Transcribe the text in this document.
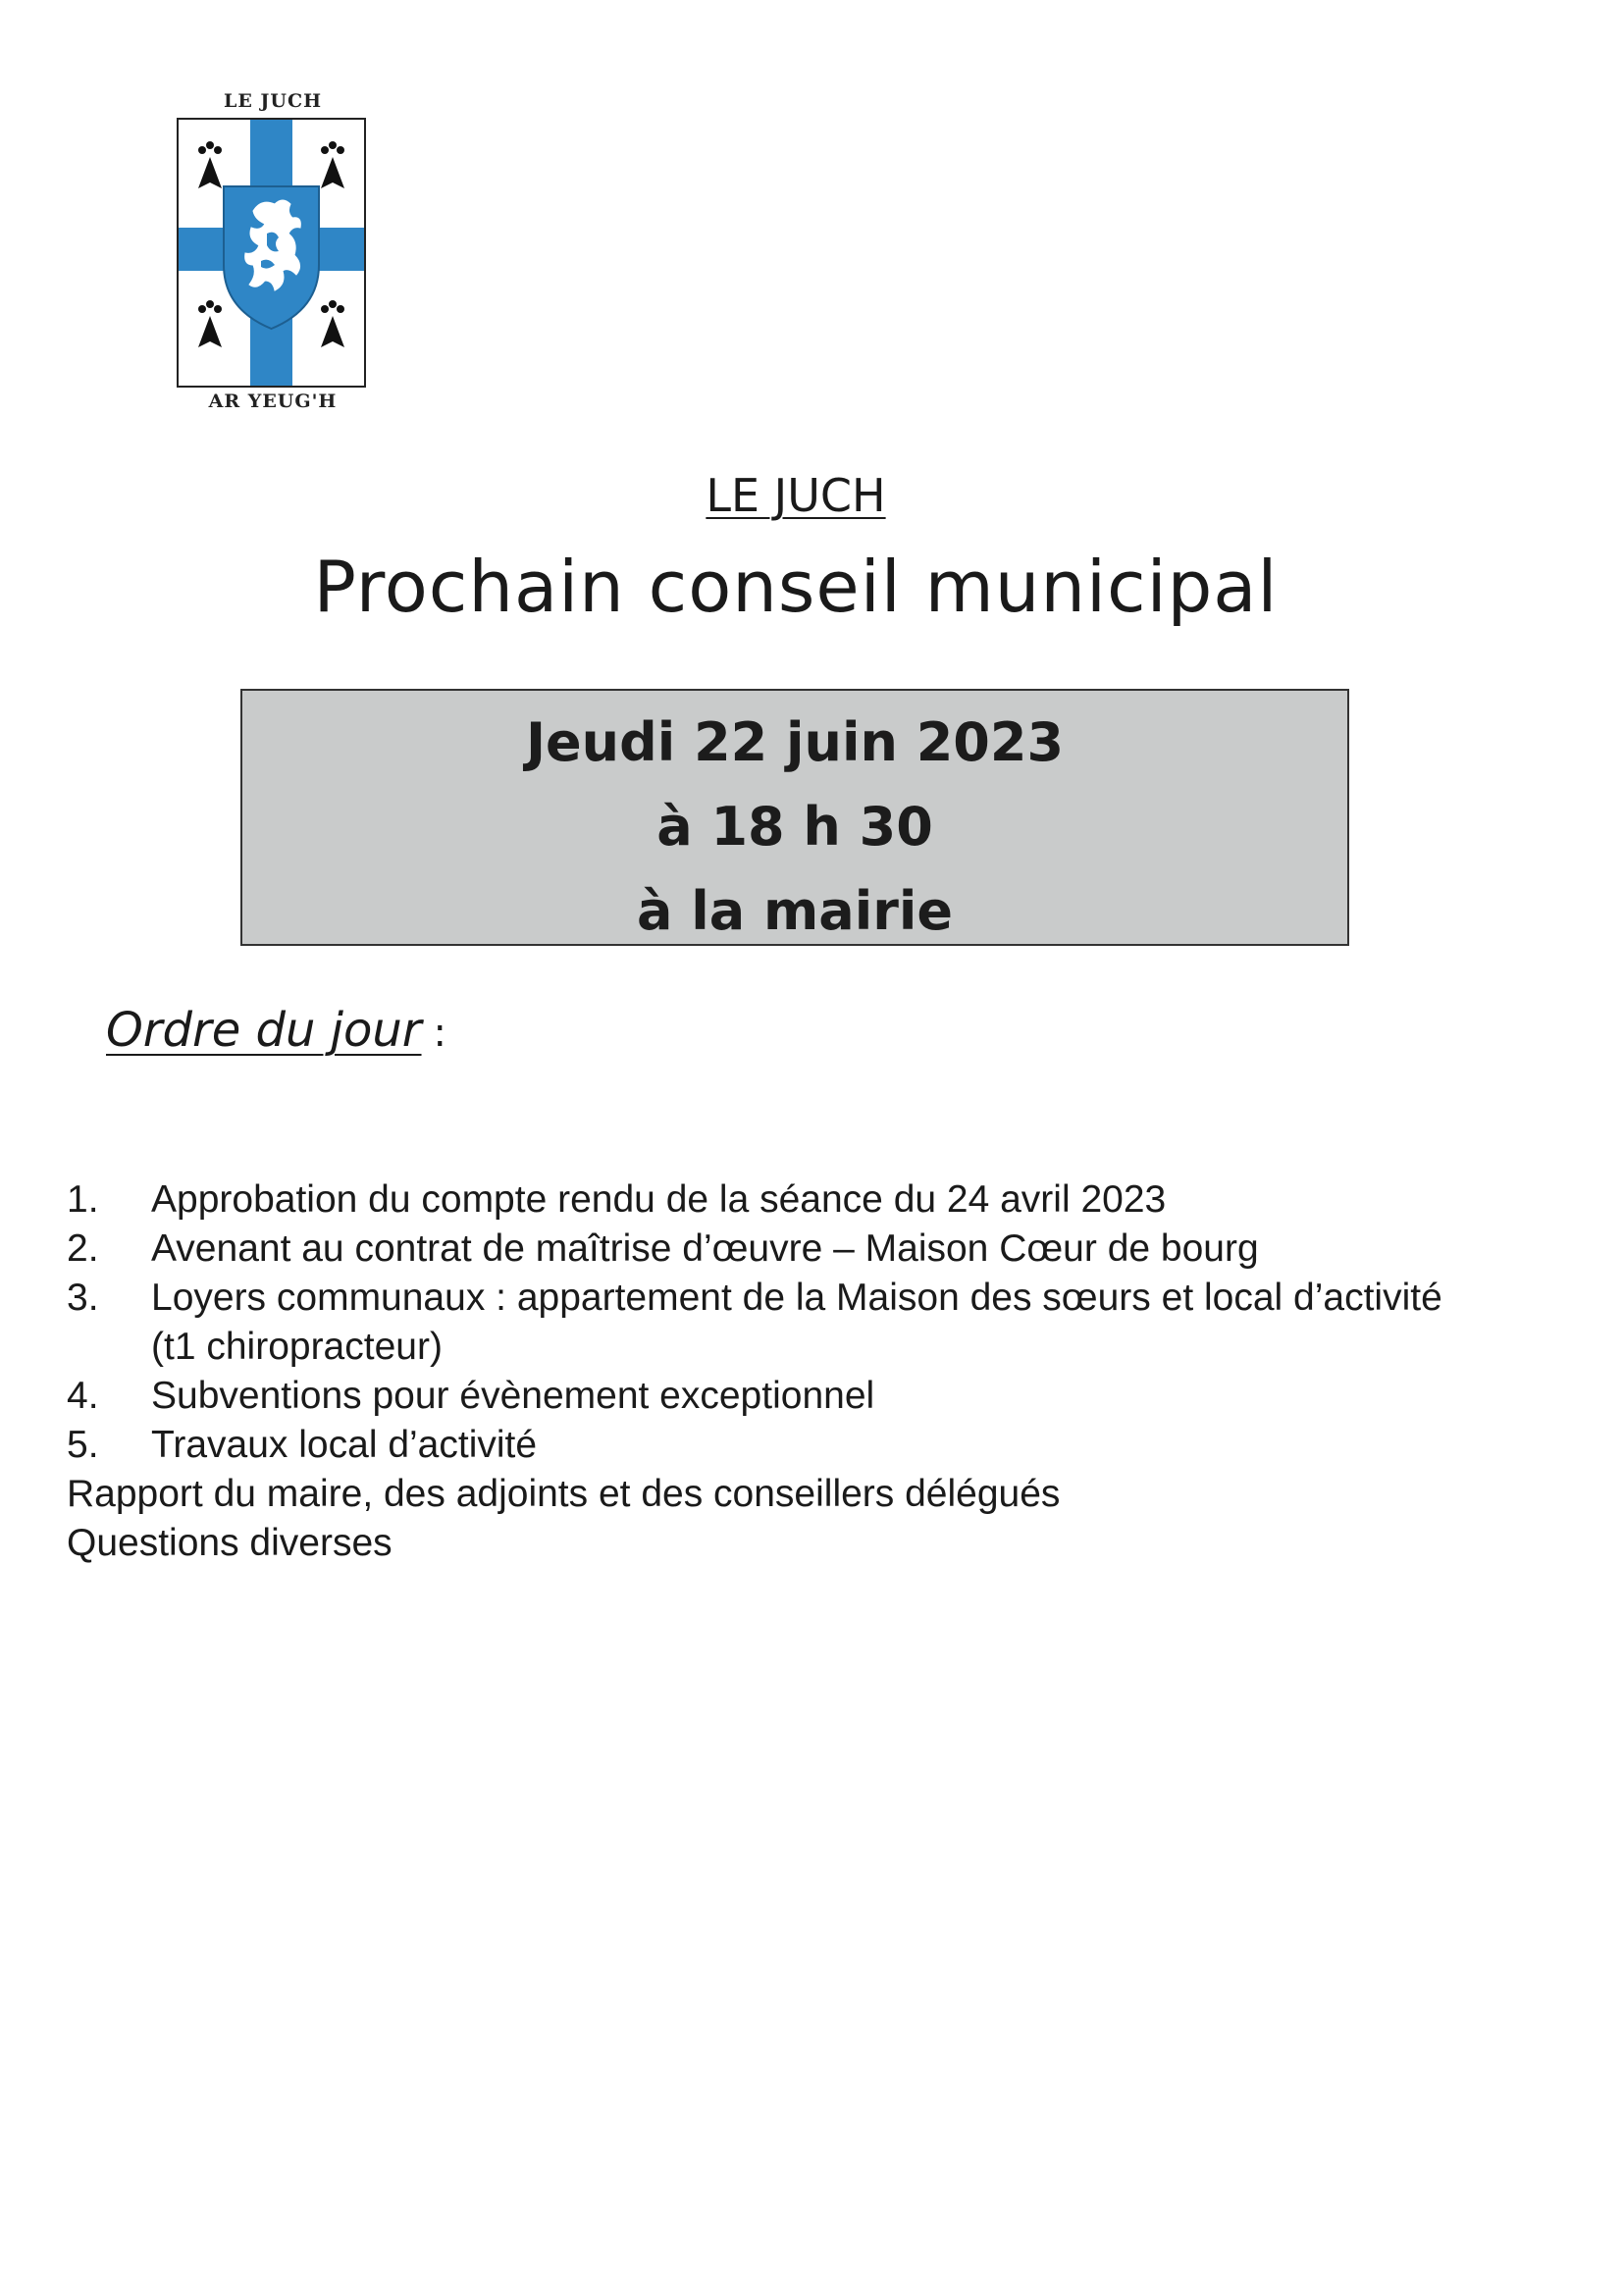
LE JUCH
AR YEUG'H
LE JUCH
Prochain conseil municipal
Jeudi 22 juin 2023
à 18 h 30
à la mairie
Ordre du jour :
1.	Approbation du compte rendu de la séance du 24 avril 2023
2.	Avenant au contrat de maîtrise d’œuvre – Maison Cœur de bourg
3.	Loyers communaux : appartement de la Maison des sœurs et local d’activité (t1 chiropracteur)
4.	Subventions pour évènement exceptionnel
5.	Travaux local d’activité
Rapport du maire, des adjoints et des conseillers délégués
Questions diverses
